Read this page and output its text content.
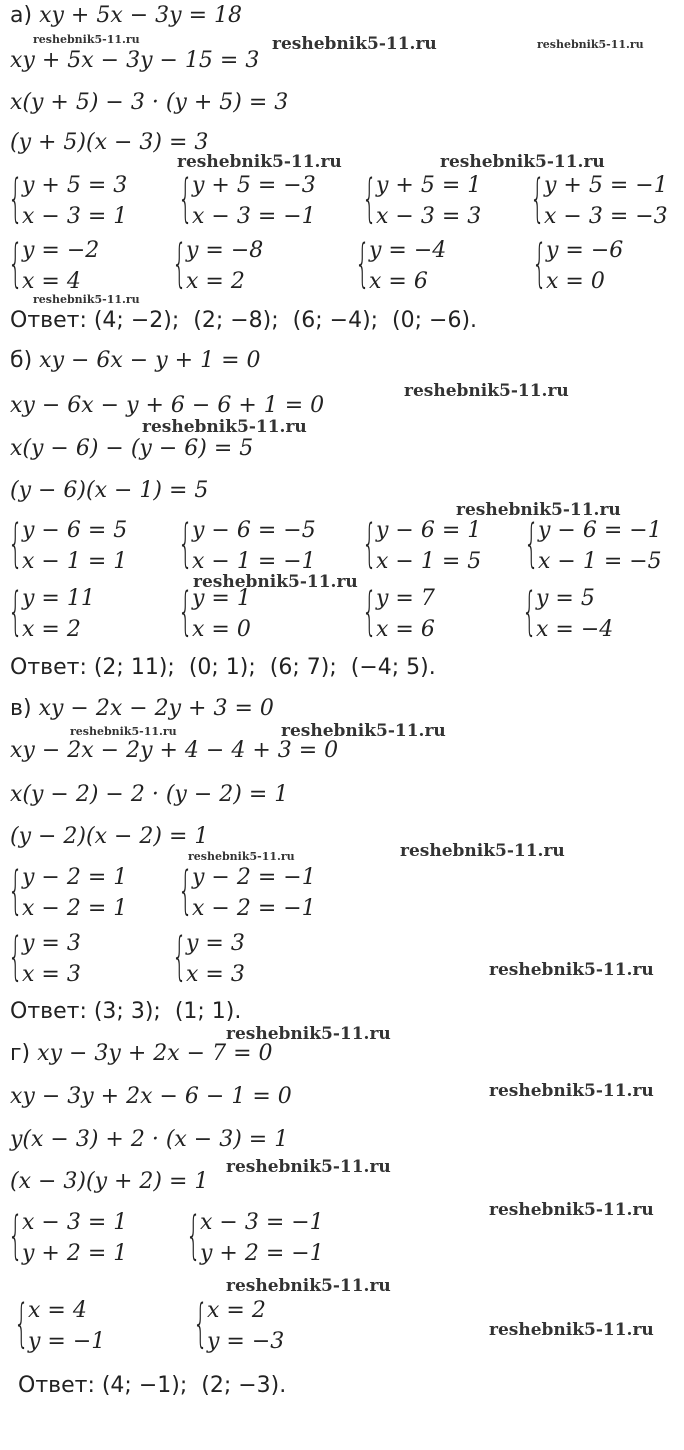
а) xy + 5x − 3y = 18
xy + 5x − 3y − 15 = 3
x(y + 5) − 3 · (y + 5) = 3
(y + 5)(x − 3) = 3
{ y + 5 = 3
x − 3 = 1 { y + 5 = −3
x − 3 = −1 { y + 5 = 1
x − 3 = 3 { y + 5 = −1
x − 3 = −3
{ y = −2
x = 4 { y = −8
x = 2 { y = −4
x = 6 { y = −6
x = 0
Ответ: (4; −2);  (2; −8);  (6; −4);  (0; −6).
б) xy − 6x − y + 1 = 0
xy − 6x − y + 6 − 6 + 1 = 0
x(y − 6) − (y − 6) = 5
(y − 6)(x − 1) = 5
{ y − 6 = 5
x − 1 = 1 { y − 6 = −5
x − 1 = −1 { y − 6 = 1
x − 1 = 5 { y − 6 = −1
x − 1 = −5
{ y = 11
x = 2 { y = 1
x = 0 { y = 7
x = 6 { y = 5
x = −4
Ответ: (2; 11);  (0; 1);  (6; 7);  (−4; 5).
в) xy − 2x − 2y + 3 = 0
xy − 2x − 2y + 4 − 4 + 3 = 0
x(y − 2) − 2 · (y − 2) = 1
(y − 2)(x − 2) = 1
{ y − 2 = 1
x − 2 = 1 { y − 2 = −1
x − 2 = −1
{ y = 3
x = 3 { y = 3
x = 3
Ответ: (3; 3);  (1; 1).
г) xy − 3y + 2x − 7 = 0
xy − 3y + 2x − 6 − 1 = 0
y(x − 3) + 2 · (x − 3) = 1
(x − 3)(y + 2) = 1
{ x − 3 = 1
y + 2 = 1 { x − 3 = −1
y + 2 = −1
{ x = 4
y = −1 { x = 2
y = −3
Ответ: (4; −1);  (2; −3).
reshebnik5-11.ru	reshebnik5-11.ru	reshebnik5-11.ru
reshebnik5-11.ru	reshebnik5-11.ru
reshebnik5-11.ru
reshebnik5-11.ru
reshebnik5-11.ru
reshebnik5-11.ru
reshebnik5-11.ru
reshebnik5-11.ru	reshebnik5-11.ru
reshebnik5-11.ru	reshebnik5-11.ru
reshebnik5-11.ru
reshebnik5-11.ru
reshebnik5-11.ru
reshebnik5-11.ru
reshebnik5-11.ru
reshebnik5-11.ru
reshebnik5-11.ru
